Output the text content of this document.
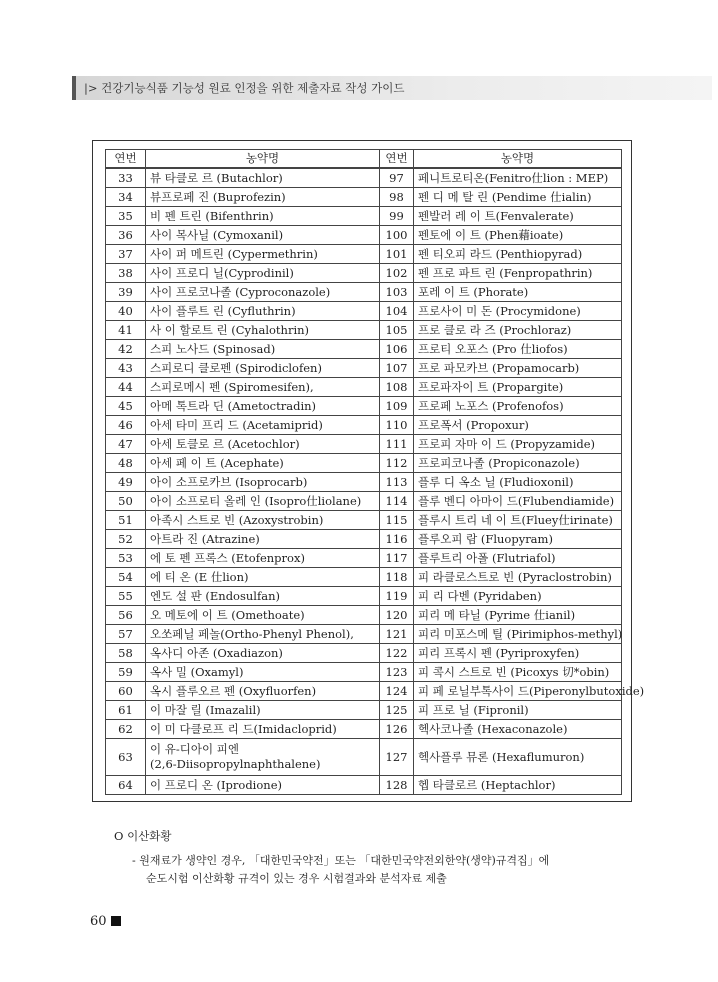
|> 건강기능식품 기능성 원료 인정을 위한 제출자료 작성 가이드
연번	농약명	연번	농약명
33	뷰 타클로 르 (Butachlor)	97	페니트로티온(Fenitro仕lion : MEP)
34	뷰프로페 진 (Buprofezin)	98	펜 디 메 탈 린 (Pendime 仕ialin)
35	비 펜 트린 (Bifenthrin)	99	펜발러 레 이 트(Fenvalerate)
36	사이 목사닐 (Cymoxanil)	100	펜토에 이 트 (Phen藉ioate)
37	사이 퍼 메트린 (Cypermethrin)	101	펜 티오피 라드 (Penthiopyrad)
38	사이 프로디 닐(Cyprodinil)	102	펜 프로 파트 린 (Fenpropathrin)
39	사이 프로코나졸 (Cyproconazole)	103	포레 이 트 (Phorate)
40	사이 플루트 린 (Cyfluthrin)	104	프로사이 미 돈 (Procymidone)
41	사 이 할로트 린 (Cyhalothrin)	105	프로 클로 라 즈 (Prochloraz)
42	스피 노사드 (Spinosad)	106	프로티 오포스 (Pro 仕liofos)
43	스피로디 클로펜 (Spirodiclofen)	107	프로 파모카브 (Propamocarb)
44	스피로메시 펜 (Spiromesifen),	108	프로파자이 트 (Propargite)
45	아메 톡트라 딘 (Ametoctradin)	109	프로페 노포스 (Profenofos)
46	아세 타미 프리 드 (Acetamiprid)	110	프로폭서 (Propoxur)
47	아세 토클로 르 (Acetochlor)	111	프로피 자마 이 드 (Propyzamide)
48	아세 페 이 트 (Acephate)	112	프로피코나졸 (Propiconazole)
49	아이 소프로카브 (Isoprocarb)	113	플루 디 옥소 닐 (Fludioxonil)
50	아이 소프로티 올레 인 (Isopro仕liolane)	114	플루 벤디 아마이 드(Flubendiamide)
51	아족시 스트로 빈 (Azoxystrobin)	115	플루시 트리 네 이 트(Fluey仕irinate)
52	아트라 진 (Atrazine)	116	플루오피 람 (Fluopyram)
53	에 토 펜 프록스 (Etofenprox)	117	플루트리 아폴 (Flutriafol)
54	에 티 온 (E 仕lion)	118	피 라클로스트로 빈 (Pyraclostrobin)
55	엔도 설 판 (Endosulfan)	119	피 리 다벤 (Pyridaben)
56	오 메토에 이 트 (Omethoate)	120	피리 메 타닐 (Pyrime 仕ianil)
57	오쏘페닐 페놀(Ortho-Phenyl Phenol),	121	피리 미포스메 틸 (Pirimiphos-methyl)
58	옥사디 아존 (Oxadiazon)	122	피리 프록시 펜 (Pyriproxyfen)
59	옥사 밀 (Oxamyl)	123	피 콕시 스트로 빈 (Picoxys 切*obin)
60	옥시 플루오르 펜 (Oxyfluorfen)	124	피 페 로닐부톡사이 드(Piperonylbutoxide)
61	이 마잘 릴 (Imazalil)	125	피 프로 닐 (Fipronil)
62	이 미 다클로프 리 드(Imidacloprid)	126	헥사코나졸 (Hexaconazole)
63	이 유-디아이 피엔
(2,6-Diisopropylnaphthalene)	127	헥사플루 뮤론 (Hexaflumuron)
64	이 프로디 온 (Iprodione)	128	헵 타클로르 (Heptachlor)
O 이산화황
- 원재료가 생약인 경우, 「대한민국약전」또는 「대한민국약전외한약(생약)규격집」에
순도시험 이산화황 규격이 있는 경우 시험결과와 분석자료 제출
60
